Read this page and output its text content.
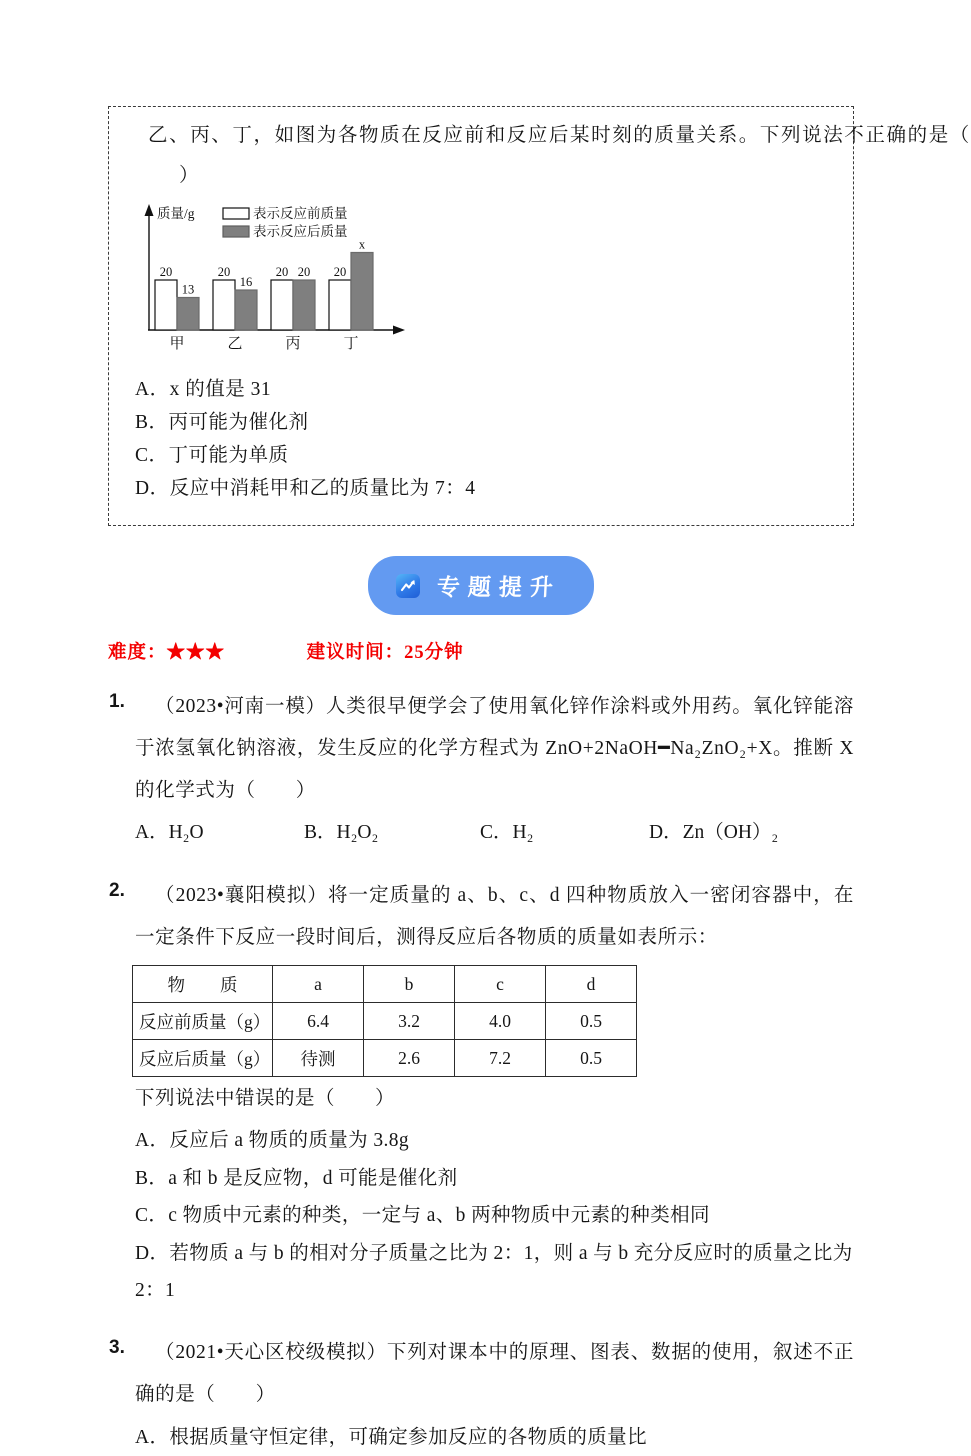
乙、丙、丁，如图为各物质在反应前和反应后某时刻的质量关系。下列说法不正确的是（
）
质量/g	表示反应前质量
表示反应后质量
20
13
甲
20
16
乙
20 20
丙
20
x
丁
A．x 的值是 31
B．丙可能为催化剂
C．丁可能为单质
D．反应中消耗甲和乙的质量比为 7：4
专题提升
难度：★★★	建议时间：25分钟
1.	（2023•河南一模）人类很早便学会了使用氧化锌作涂料或外用药。氧化锌能溶于浓氢氧化钠溶液，发生反应的化学方程式为 ZnO+2NaOH━Na₂ZnO₂+X。推断 X 的化学式为（　　）
A．H₂O	B．H₂O₂	C．H₂	D．Zn（OH）₂
2.	（2023•襄阳模拟）将一定质量的 a、b、c、d 四种物质放入一密闭容器中，在一定条件下反应一段时间后，测得反应后各物质的质量如表所示：
物　　质	a	b	c	d
反应前质量（g）	6.4	3.2	4.0	0.5
反应后质量（g）	待测	2.6	7.2	0.5
下列说法中错误的是（　　）
A．反应后 a 物质的质量为 3.8g
B．a 和 b 是反应物，d 可能是催化剂
C．c 物质中元素的种类，一定与 a、b 两种物质中元素的种类相同
D．若物质 a 与 b 的相对分子质量之比为 2：1，则 a 与 b 充分反应时的质量之比为 2：1
3.	（2021•天心区校级模拟）下列对课本中的原理、图表、数据的使用，叙述不正确的是（　　）
A．根据质量守恒定律，可确定参加反应的各物质的质量比
